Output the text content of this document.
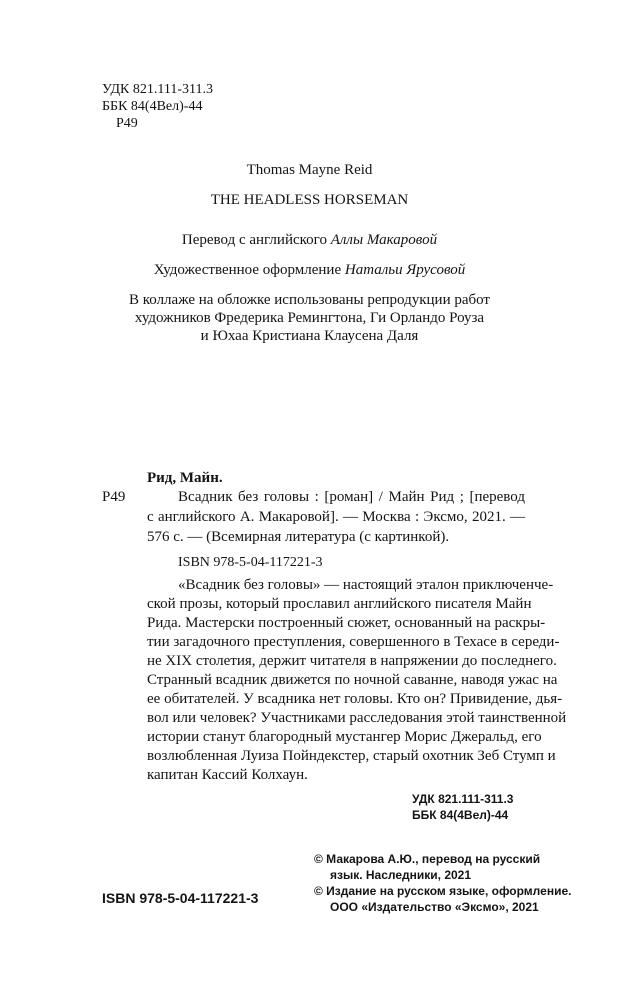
УДК 821.111-311.3
ББК 84(4Вел)-44
Р49
Thomas Mayne Reid
THE HEADLESS HORSEMAN
Перевод с английского Аллы Макаровой
Художественное оформление Натальи Ярусовой
В коллаже на обложке использованы репродукции работ
художников Фредерика Ремингтона, Ги Орландо Роуза
и Юхаа Кристиана Клаусена Даля
Рид, Майн.
Р49	Всадник без головы : [роман] / Майн Рид ; [перевод
с английского А. Макаровой]. — Москва : Эксмо, 2021. —
576 с. — (Всемирная литература (с картинкой).
ISBN 978-5-04-117221-3
«Всадник без головы» — настоящий эталон приключенче-
ской прозы, который прославил английского писателя Майн
Рида. Мастерски построенный сюжет, основанный на раскры-
тии загадочного преступления, совершенного в Техасе в середи-
не XIX столетия, держит читателя в напряжении до последнего.
Странный всадник движется по ночной саванне, наводя ужас на
ее обитателей. У всадника нет головы. Кто он? Привидение, дья-
вол или человек? Участниками расследования этой таинственной
истории станут благородный мустангер Морис Джеральд, его
возлюбленная Луиза Пойндекстер, старый охотник Зеб Стумп и
капитан Кассий Колхаун.
УДК 821.111-311.3
ББК 84(4Вел)-44
© Макарова А.Ю., перевод на русский
язык. Наследники, 2021
© Издание на русском языке, оформление.
ООО «Издательство «Эксмо», 2021
ISBN 978-5-04-117221-3
